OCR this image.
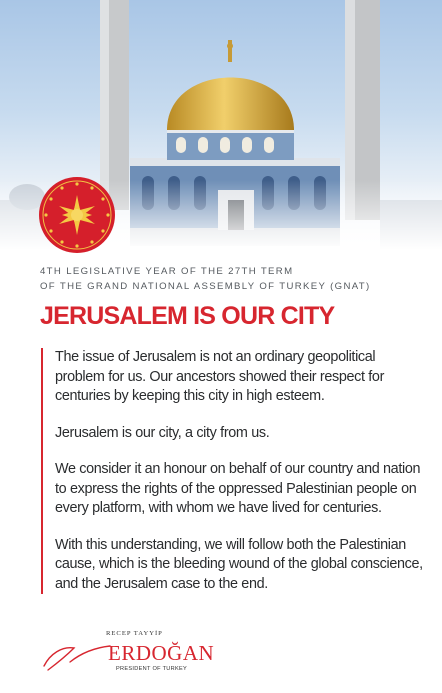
4TH LEGISLATIVE YEAR OF THE 27TH TERM
OF THE GRAND NATIONAL ASSEMBLY OF TURKEY (GNAT)
JERUSALEM IS OUR CITY

The issue of Jerusalem is not an ordinary geopolitical problem for us. Our ancestors showed their respect for centuries by keeping this city in high esteem.

Jerusalem is our city, a city from us.

We consider it an honour on behalf of our country and nation to express the rights of the oppressed Palestinian people on every platform, with whom we have lived for centuries.

With this understanding, we will follow both the Palestinian cause, which is the bleeding wound of the global conscience, and the Jerusalem case to the end.

RECEP TAYYİP
ERDOĞAN
PRESIDENT OF TURKEY
